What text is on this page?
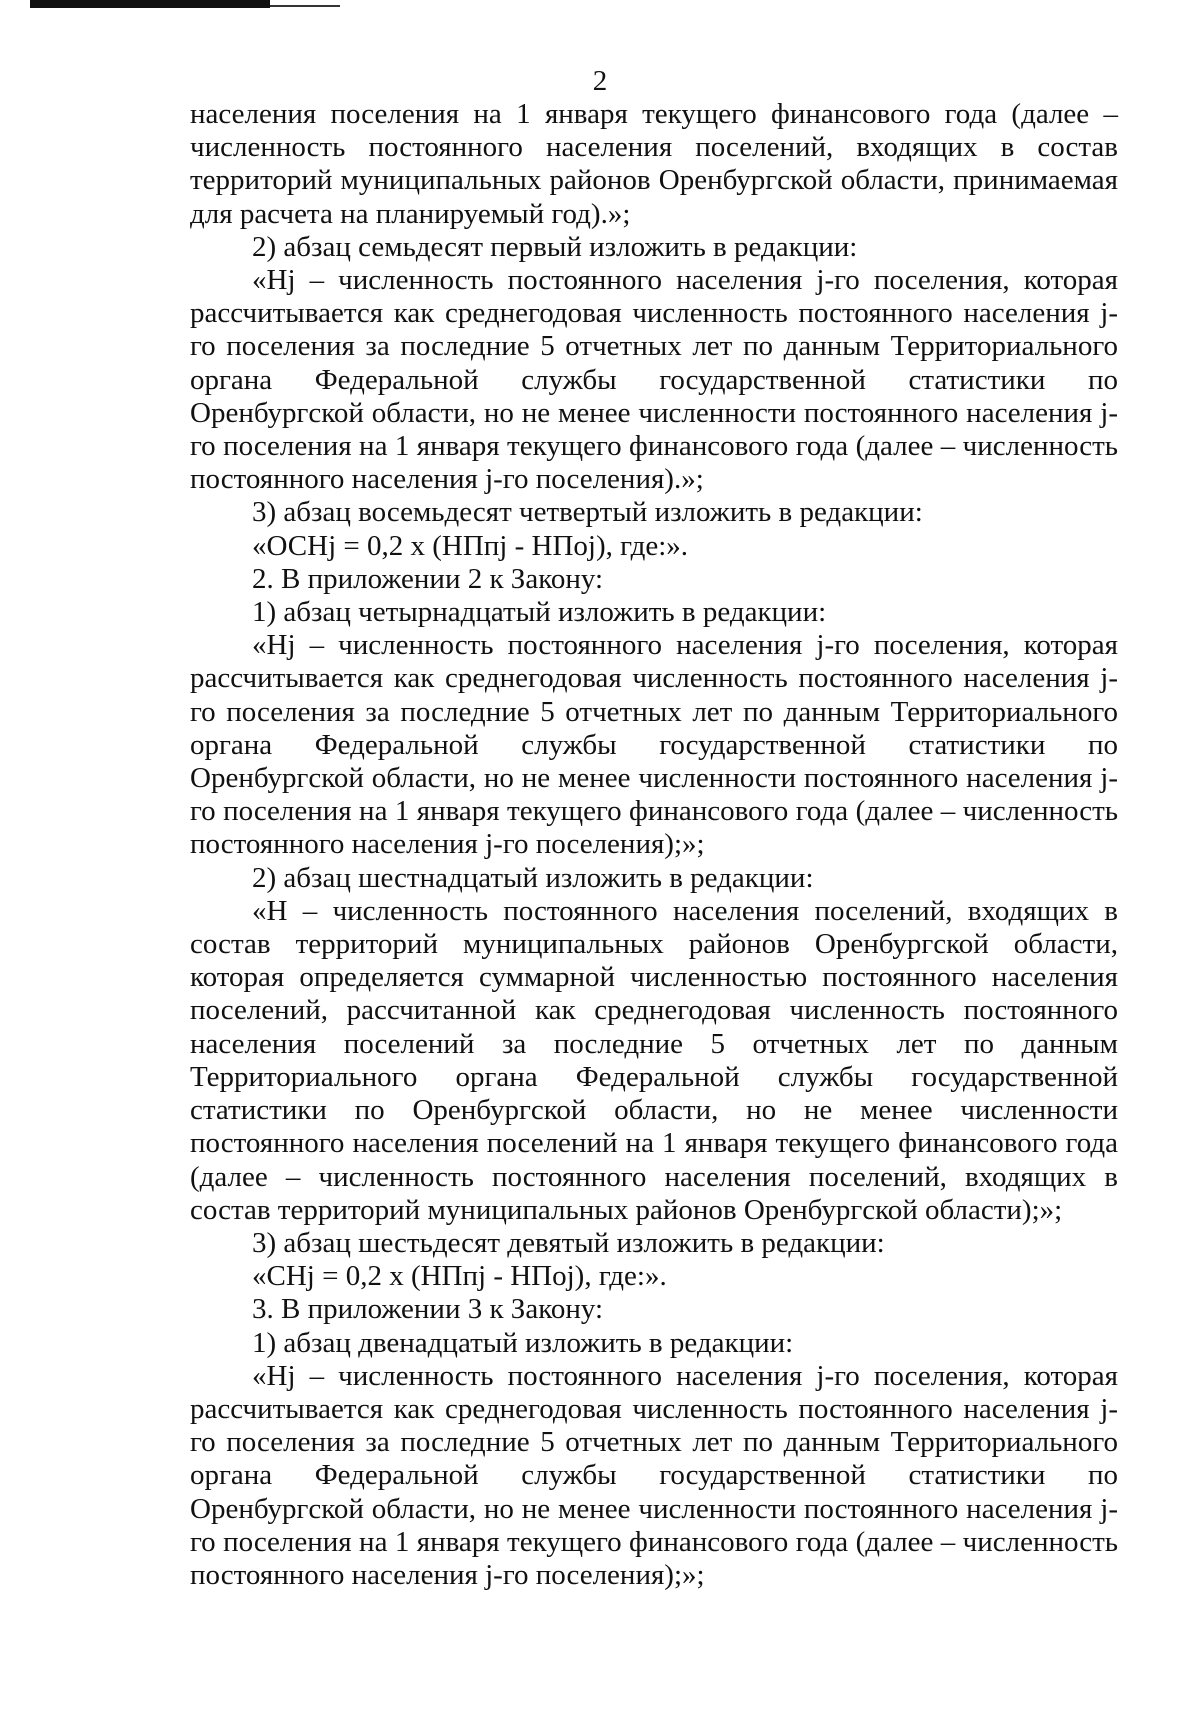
2

населения поселения на 1 января текущего финансового года (далее – численность постоянного населения поселений, входящих в состав территорий муниципальных районов Оренбургской области, принимаемая для расчета на планируемый год).»;

2) абзац семьдесят первый изложить в редакции:

«Hj – численность постоянного населения j-го поселения, которая рассчитывается как среднегодовая численность постоянного населения j-го поселения за последние 5 отчетных лет по данным Территориального органа Федеральной службы государственной статистики по Оренбургской области, но не менее численности постоянного населения j-го поселения на 1 января текущего финансового года (далее – численность постоянного населения j-го поселения).»;

3) абзац восемьдесят четвертый изложить в редакции:

«ОСHj = 0,2 x (НПпj - НПоj), где:».

2. В приложении 2 к Закону:

1) абзац четырнадцатый изложить в редакции:

«Hj – численность постоянного населения j-го поселения, которая рассчитывается как среднегодовая численность постоянного населения j-го поселения за последние 5 отчетных лет по данным Территориального органа Федеральной службы государственной статистики по Оренбургской области, но не менее численности постоянного населения j-го поселения на 1 января текущего финансового года (далее – численность постоянного населения j-го поселения);»;

2) абзац шестнадцатый изложить в редакции:

«Н – численность постоянного населения поселений, входящих в состав территорий муниципальных районов Оренбургской области, которая определяется суммарной численностью постоянного населения поселений, рассчитанной как среднегодовая численность постоянного населения поселений за последние 5 отчетных лет по данным Территориального органа Федеральной службы государственной статистики по Оренбургской области, но не менее численности постоянного населения поселений на 1 января текущего финансового года (далее – численность постоянного населения поселений, входящих в состав территорий муниципальных районов Оренбургской области);»;

3) абзац шестьдесят девятый изложить в редакции:

«СHj = 0,2 x (НПпj - НПоj), где:».

3. В приложении 3 к Закону:

1) абзац двенадцатый изложить в редакции:

«Hj – численность постоянного населения j-го поселения, которая рассчитывается как среднегодовая численность постоянного населения j-го поселения за последние 5 отчетных лет по данным Территориального органа Федеральной службы государственной статистики по Оренбургской области, но не менее численности постоянного населения j-го поселения на 1 января текущего финансового года (далее – численность постоянного населения j-го поселения);»;
